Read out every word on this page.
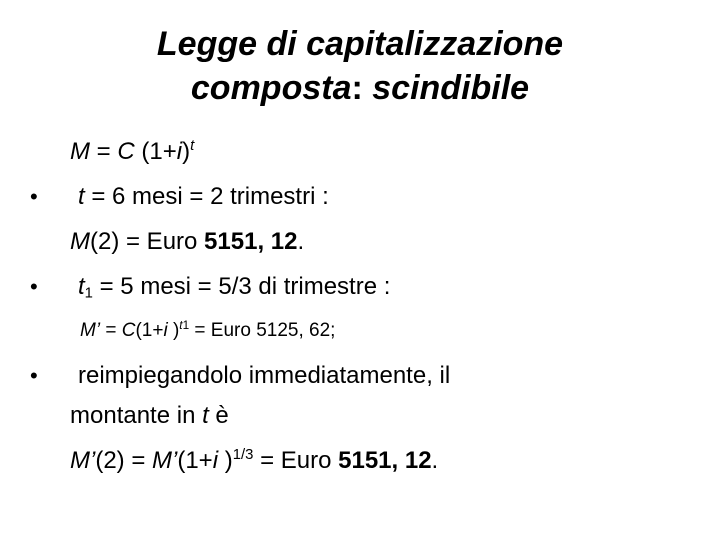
Legge di capitalizzazione
composta: scindibile
M = C $(1+i)^t$
• t = 6 mesi = 2 trimestri :
M(2) = Euro 5151, 12.
• $t_1 = 5$ mesi = 5/3 di trimestre :
M’ = C(1+i )$^{t1}$ = Euro 5125, 62;
• reimpiegandolo immediatamente, il
montante in t è
M’(2) = M’(1+i )$^{1/3}$ = Euro 5151, 12.
